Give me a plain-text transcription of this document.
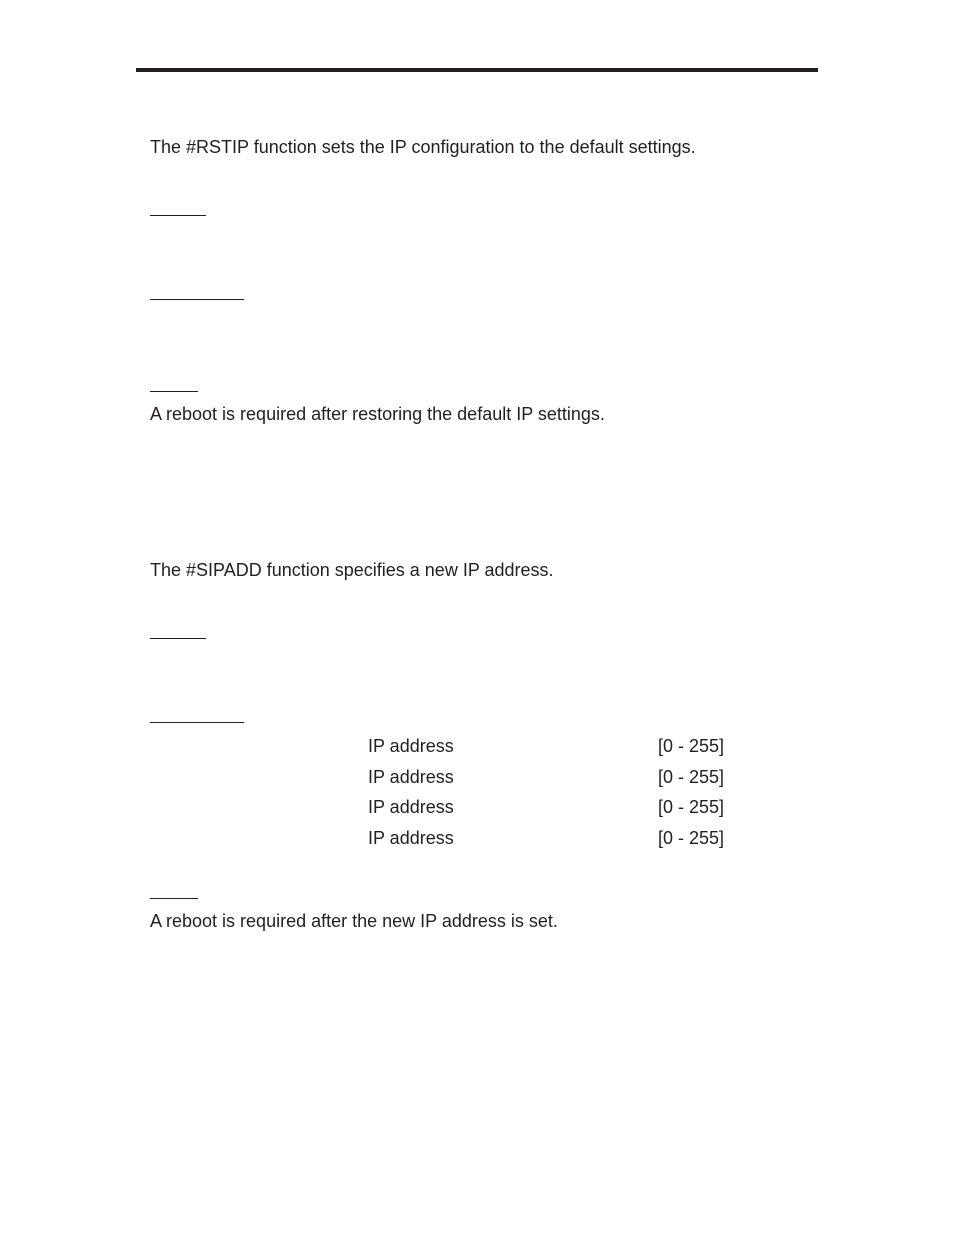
The #RSTIP function sets the IP configuration to the default settings.
A reboot is required after restoring the default IP settings.
The #SIPADD function specifies a new IP address.
IP address	[0 - 255]
IP address	[0 - 255]
IP address	[0 - 255]
IP address	[0 - 255]
A reboot is required after the new IP address is set.
